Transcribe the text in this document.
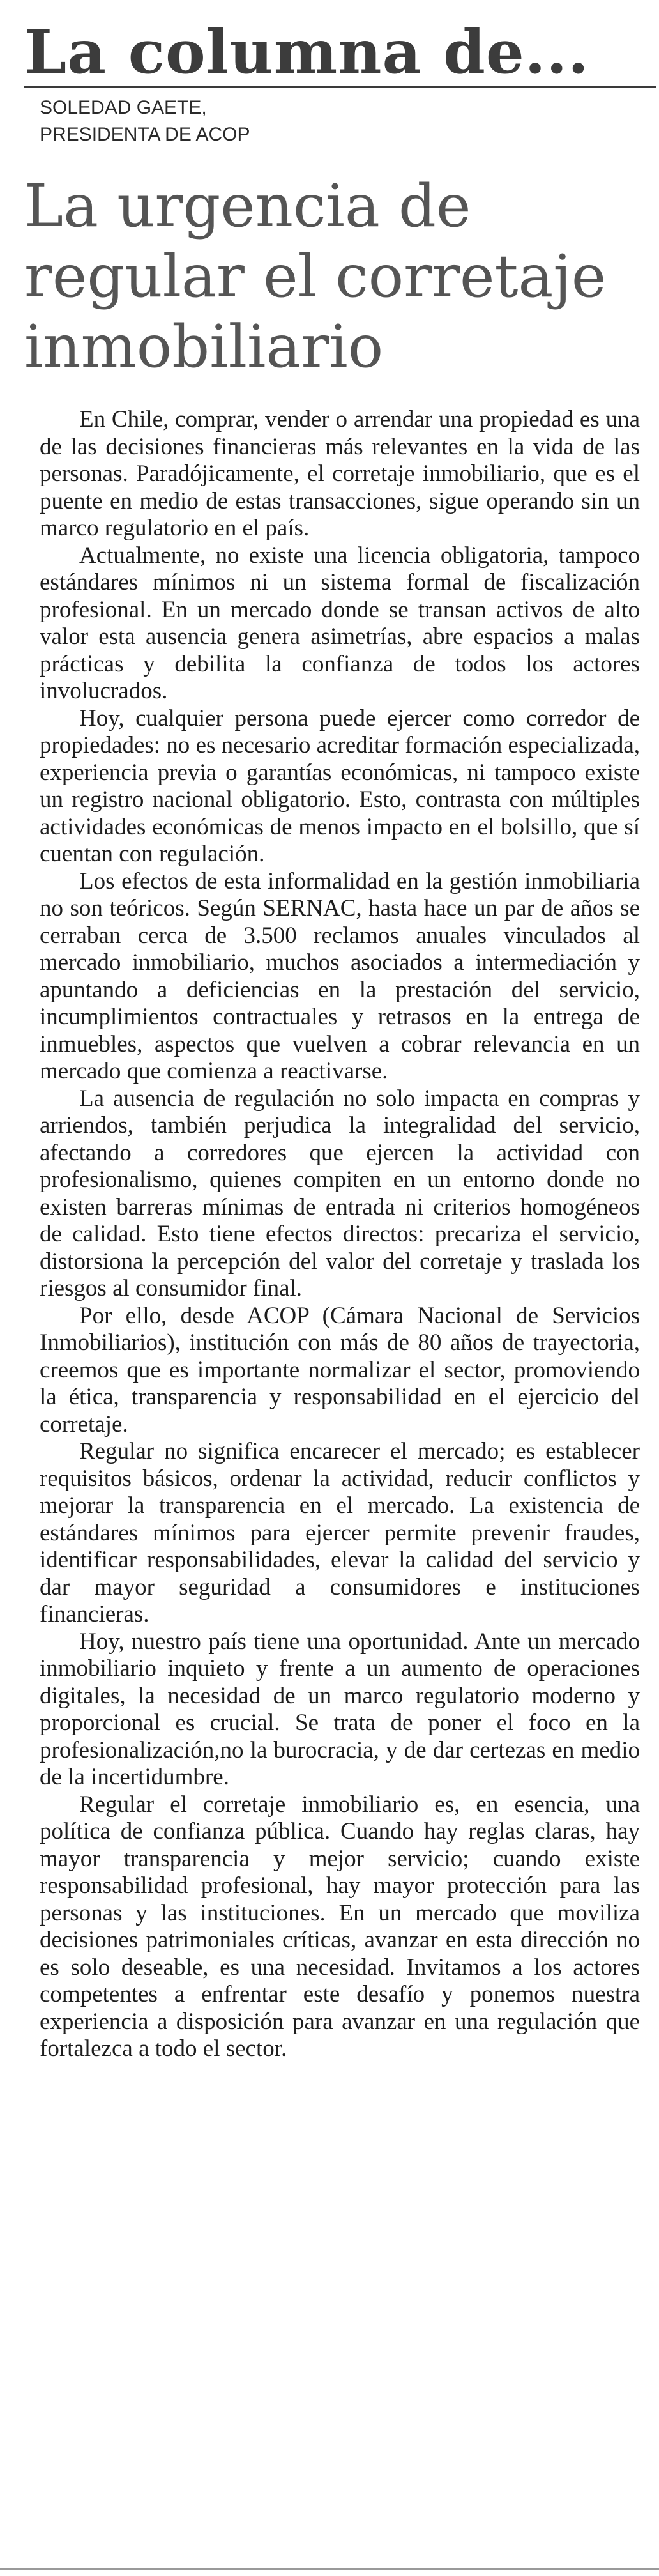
La columna de...
SOLEDAD GAETE,
PRESIDENTA DE ACOP
La urgencia de
regular el corretaje
inmobiliario

En Chile, comprar, vender o arrendar una propiedad es una de las decisiones financieras más relevantes en la vida de las personas. Paradójicamente, el corretaje inmobiliario, que es el puente en medio de estas transacciones, sigue operando sin un marco regulatorio en el país.

Actualmente, no existe una licencia obligatoria, tampoco estándares mínimos ni un sistema formal de fiscalización profesional. En un mercado donde se transan activos de alto valor esta ausencia genera asimetrías, abre espacios a malas prácticas y debilita la confianza de todos los actores involucrados.

Hoy, cualquier persona puede ejercer como corredor de propiedades: no es necesario acreditar formación especializada, experiencia previa o garantías económicas, ni tampoco existe un registro nacional obligatorio. Esto, contrasta con múltiples actividades económicas de menos impacto en el bolsillo, que sí cuentan con regulación.

Los efectos de esta informalidad en la gestión inmobiliaria no son teóricos. Según SERNAC, hasta hace un par de años se cerraban cerca de 3.500 reclamos anuales vinculados al mercado inmobiliario, muchos asociados a intermediación y apuntando a deficiencias en la prestación del servicio, incumplimientos contractuales y retrasos en la entrega de inmuebles, aspectos que vuelven a cobrar relevancia en un mercado que comienza a reactivarse.

La ausencia de regulación no solo impacta en compras y arriendos, también perjudica la integralidad del servicio, afectando a corredores que ejercen la actividad con profesionalismo, quienes compiten en un entorno donde no existen barreras mínimas de entrada ni criterios homogéneos de calidad. Esto tiene efectos directos: precariza el servicio, distorsiona la percepción del valor del corretaje y traslada los riesgos al consumidor final.

Por ello, desde ACOP (Cámara Nacional de Servicios Inmobiliarios), institución con más de 80 años de trayectoria, creemos que es importante normalizar el sector, promoviendo la ética, transparencia y responsabilidad en el ejercicio del corretaje.

Regular no significa encarecer el mercado; es establecer requisitos básicos, ordenar la actividad, reducir conflictos y mejorar la transparencia en el mercado. La existencia de estándares mínimos para ejercer permite prevenir fraudes, identificar responsabilidades, elevar la calidad del servicio y dar mayor seguridad a consumidores e instituciones financieras.

Hoy, nuestro país tiene una oportunidad. Ante un mercado inmobiliario inquieto y frente a un aumento de operaciones digitales, la necesidad de un marco regulatorio moderno y proporcional es crucial. Se trata de poner el foco en la profesionalización,no la burocracia, y de dar certezas en medio de la incertidumbre.

Regular el corretaje inmobiliario es, en esencia, una política de confianza pública. Cuando hay reglas claras, hay mayor transparencia y mejor servicio; cuando existe responsabilidad profesional, hay mayor protección para las personas y las instituciones. En un mercado que moviliza decisiones patrimoniales críticas, avanzar en esta dirección no es solo deseable, es una necesidad. Invitamos a los actores competentes a enfrentar este desafío y ponemos nuestra experiencia a disposición para avanzar en una regulación que fortalezca a todo el sector.
